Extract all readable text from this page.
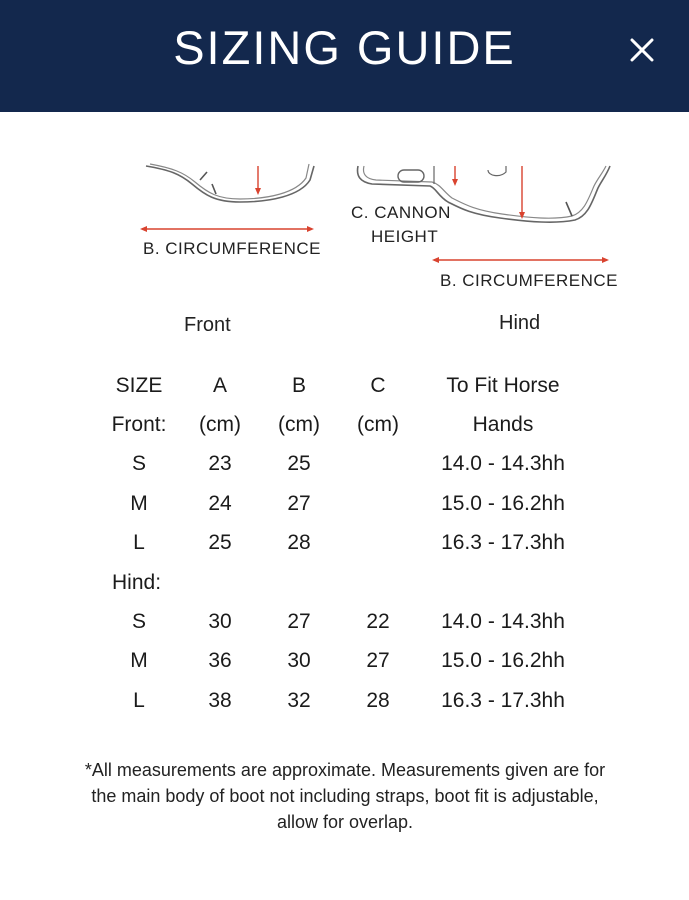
SIZING GUIDE
B. CIRCUMFERENCE
C. CANNON
HEIGHT
B. CIRCUMFERENCE
Front	Hind
SIZE	A	B	C	To Fit Horse
Front:	(cm)	(cm)	(cm)	Hands
S	23	25		14.0 - 14.3hh
M	24	27		15.0 - 16.2hh
L	25	28		16.3 - 17.3hh
Hind:				
S	30	27	22	14.0 - 14.3hh
M	36	30	27	15.0 - 16.2hh
L	38	32	28	16.3 - 17.3hh
*All measurements are approximate. Measurements given are for
the main body of boot not including straps, boot fit is adjustable,
allow for overlap.
